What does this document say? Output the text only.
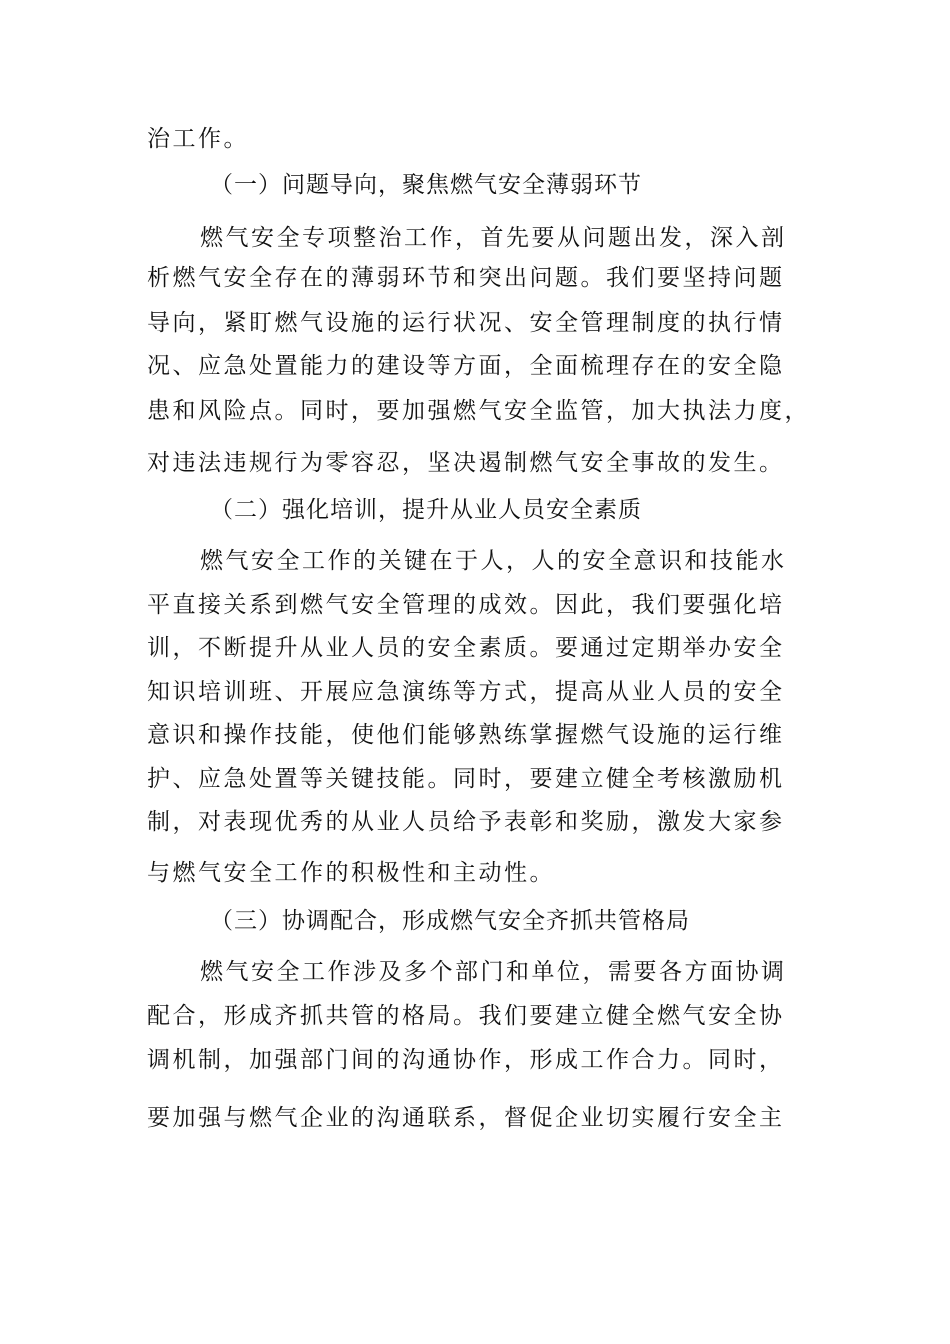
治工作。
（一）问题导向，聚焦燃气安全薄弱环节
燃气安全专项整治工作，首先要从问题出发，深入剖
析燃气安全存在的薄弱环节和突出问题。我们要坚持问题
导向，紧盯燃气设施的运行状况、安全管理制度的执行情
况、应急处置能力的建设等方面，全面梳理存在的安全隐
患和风险点。同时，要加强燃气安全监管，加大执法力度，
对违法违规行为零容忍，坚决遏制燃气安全事故的发生。
（二）强化培训，提升从业人员安全素质
燃气安全工作的关键在于人，人的安全意识和技能水
平直接关系到燃气安全管理的成效。因此，我们要强化培
训，不断提升从业人员的安全素质。要通过定期举办安全
知识培训班、开展应急演练等方式，提高从业人员的安全
意识和操作技能，使他们能够熟练掌握燃气设施的运行维
护、应急处置等关键技能。同时，要建立健全考核激励机
制，对表现优秀的从业人员给予表彰和奖励，激发大家参
与燃气安全工作的积极性和主动性。
（三）协调配合，形成燃气安全齐抓共管格局
燃气安全工作涉及多个部门和单位，需要各方面协调
配合，形成齐抓共管的格局。我们要建立健全燃气安全协
调机制，加强部门间的沟通协作，形成工作合力。同时，
要加强与燃气企业的沟通联系，督促企业切实履行安全主
